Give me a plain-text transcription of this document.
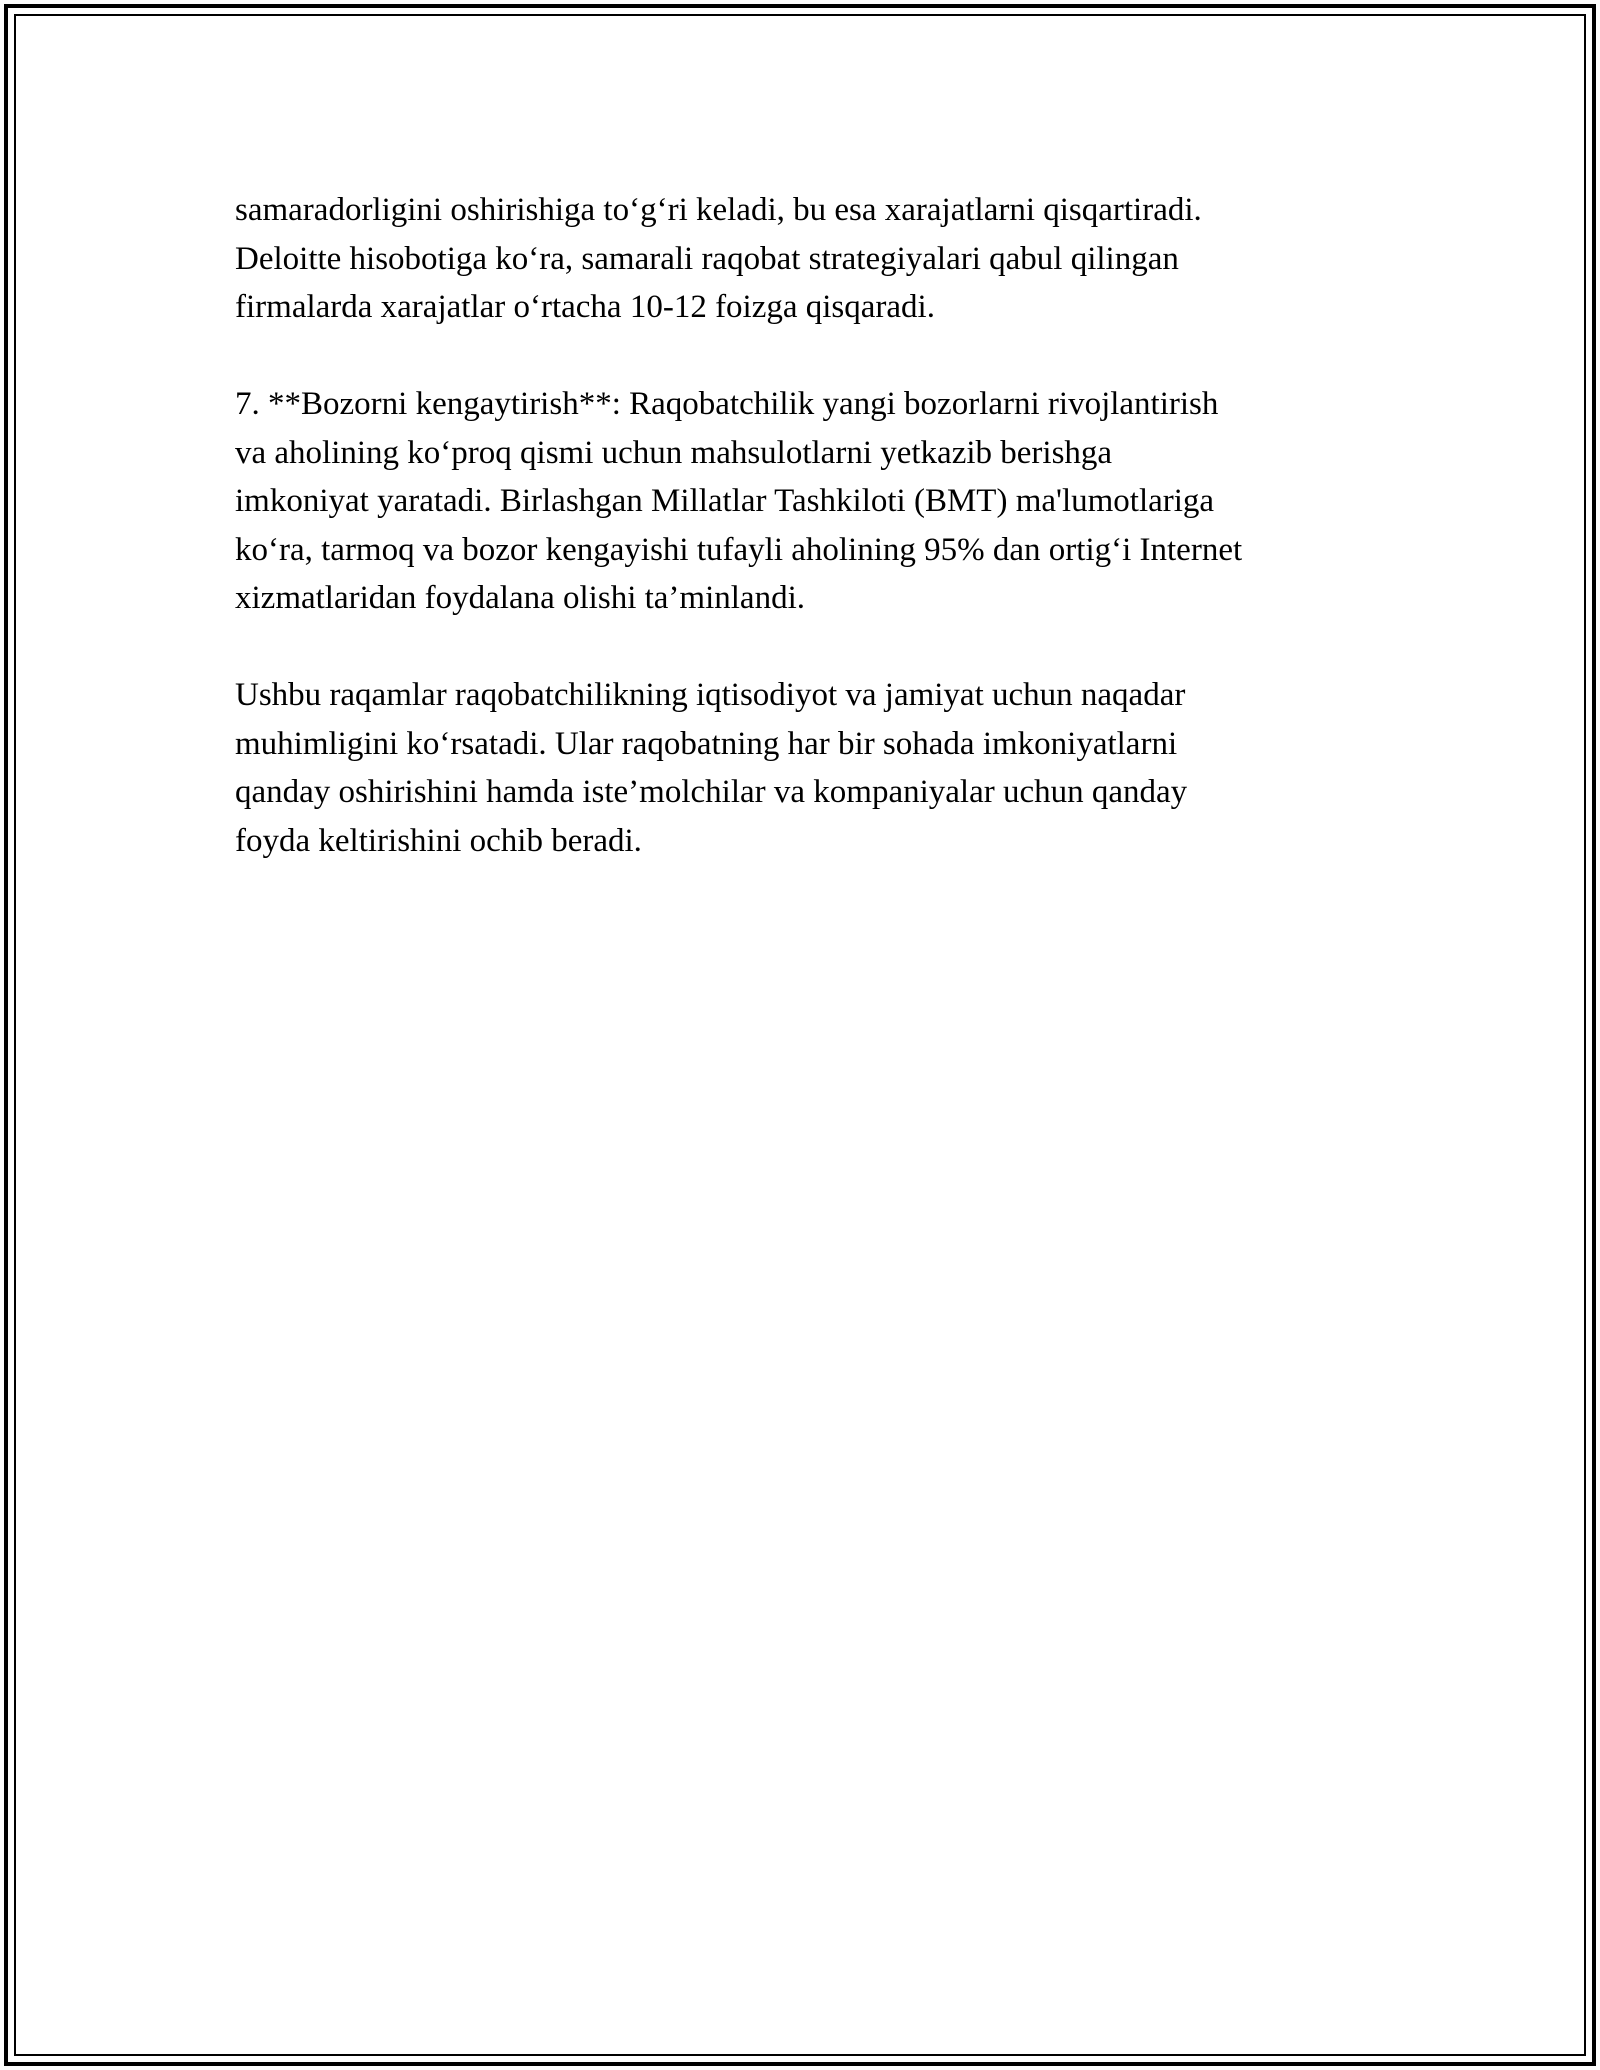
samaradorligini oshirishiga to‘g‘ri keladi, bu esa xarajatlarni qisqartiradi.
Deloitte hisobotiga ko‘ra, samarali raqobat strategiyalari qabul qilingan
firmalarda xarajatlar o‘rtacha 10-12 foizga qisqaradi.

7. **Bozorni kengaytirish**: Raqobatchilik yangi bozorlarni rivojlantirish
va aholining ko‘proq qismi uchun mahsulotlarni yetkazib berishga
imkoniyat yaratadi. Birlashgan Millatlar Tashkiloti (BMT) ma'lumotlariga
ko‘ra, tarmoq va bozor kengayishi tufayli aholining 95% dan ortig‘i Internet
xizmatlaridan foydalana olishi ta’minlandi.

Ushbu raqamlar raqobatchilikning iqtisodiyot va jamiyat uchun naqadar
muhimligini ko‘rsatadi. Ular raqobatning har bir sohada imkoniyatlarni
qanday oshirishini hamda iste’molchilar va kompaniyalar uchun qanday
foyda keltirishini ochib beradi.
